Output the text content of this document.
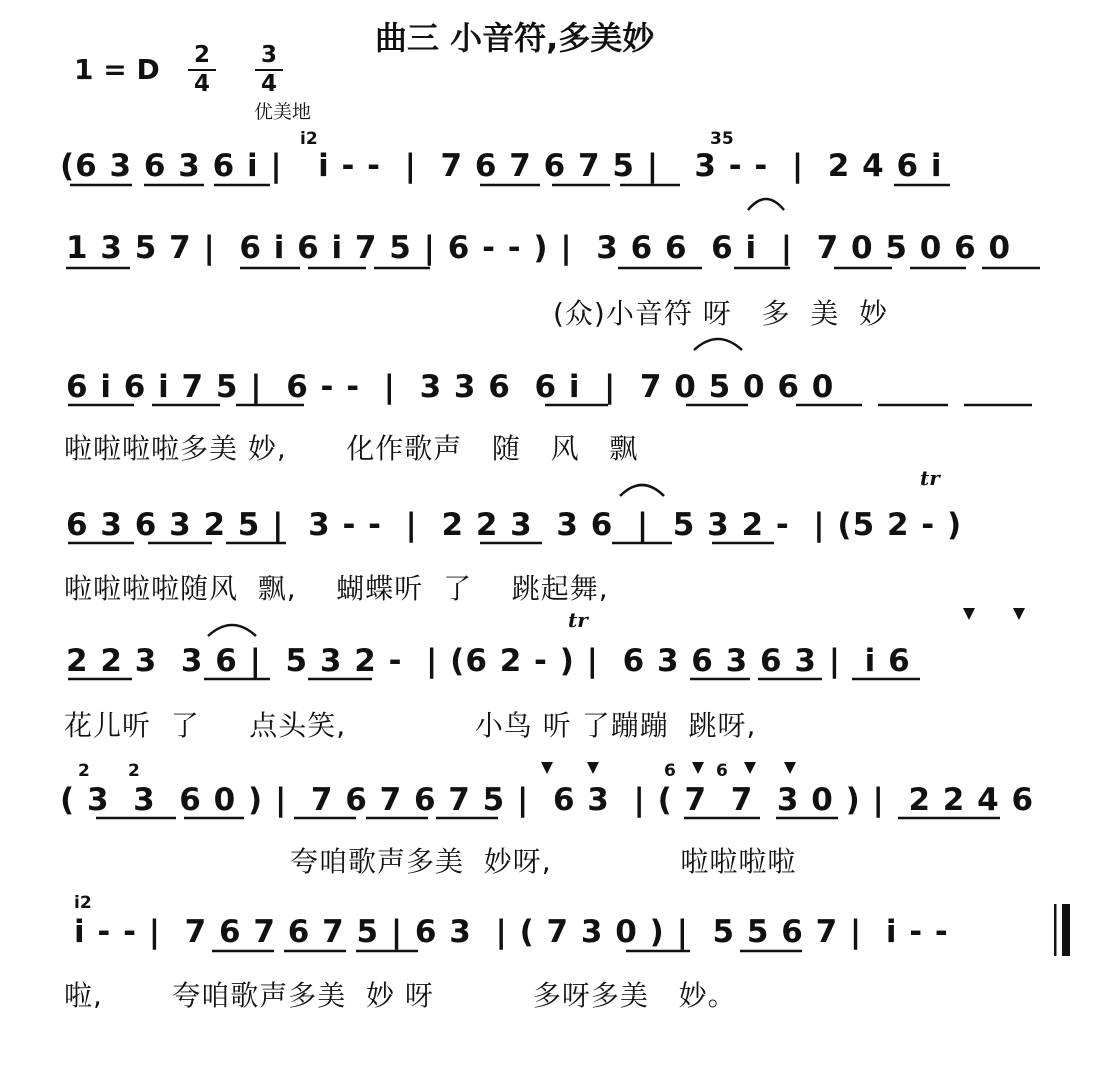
曲三 小音符,多美妙
1 = D 2
4
3
4
优美地
(6 3 6 3 6 i |   i - -  |  7 6 7 6 7 5 |   3 - -  |  2 4 6 i
i2	35
1 3 5 7 |  6 i 6 i 7 5 | 6 - - ) |  3 6 6  6 i  |  7 0 5 0 6 0
(众)小音符 呀   多  美  妙
6 i 6 i 7 5 |  6 - -  |  3 3 6  6 i  |  7 0 5 0 6 0
啦啦啦啦多美 妙,      化作歌声   随   风   飘
6 3 6 3 2 5 |  3 - -  |  2 2 3  3 6  |  5 3 2 -  | (5 2 - )
tr
啦啦啦啦随风  飘,    蝴蝶听  了    跳起舞,
2 2 3  3 6 |  5 3 2 -  | (6 2 - ) |  6 3 6 3 6 3 |  i 6
tr
花儿听  了     点头笑,             小鸟 听 了蹦蹦  跳呀,
( 3  3  6 0 ) |  7 6 7 6 7 5 |  6 3  | ( 7  7  3 0 ) |  2 2 4 6
2 2	6 6
夸咱歌声多美  妙呀,             啦啦啦啦
i - - |  7 6 7 6 7 5 | 6 3  | ( 7 3 0 ) |  5 5 6 7 |  i - -
i2
啦,       夸咱歌声多美  妙 呀          多呀多美   妙。
